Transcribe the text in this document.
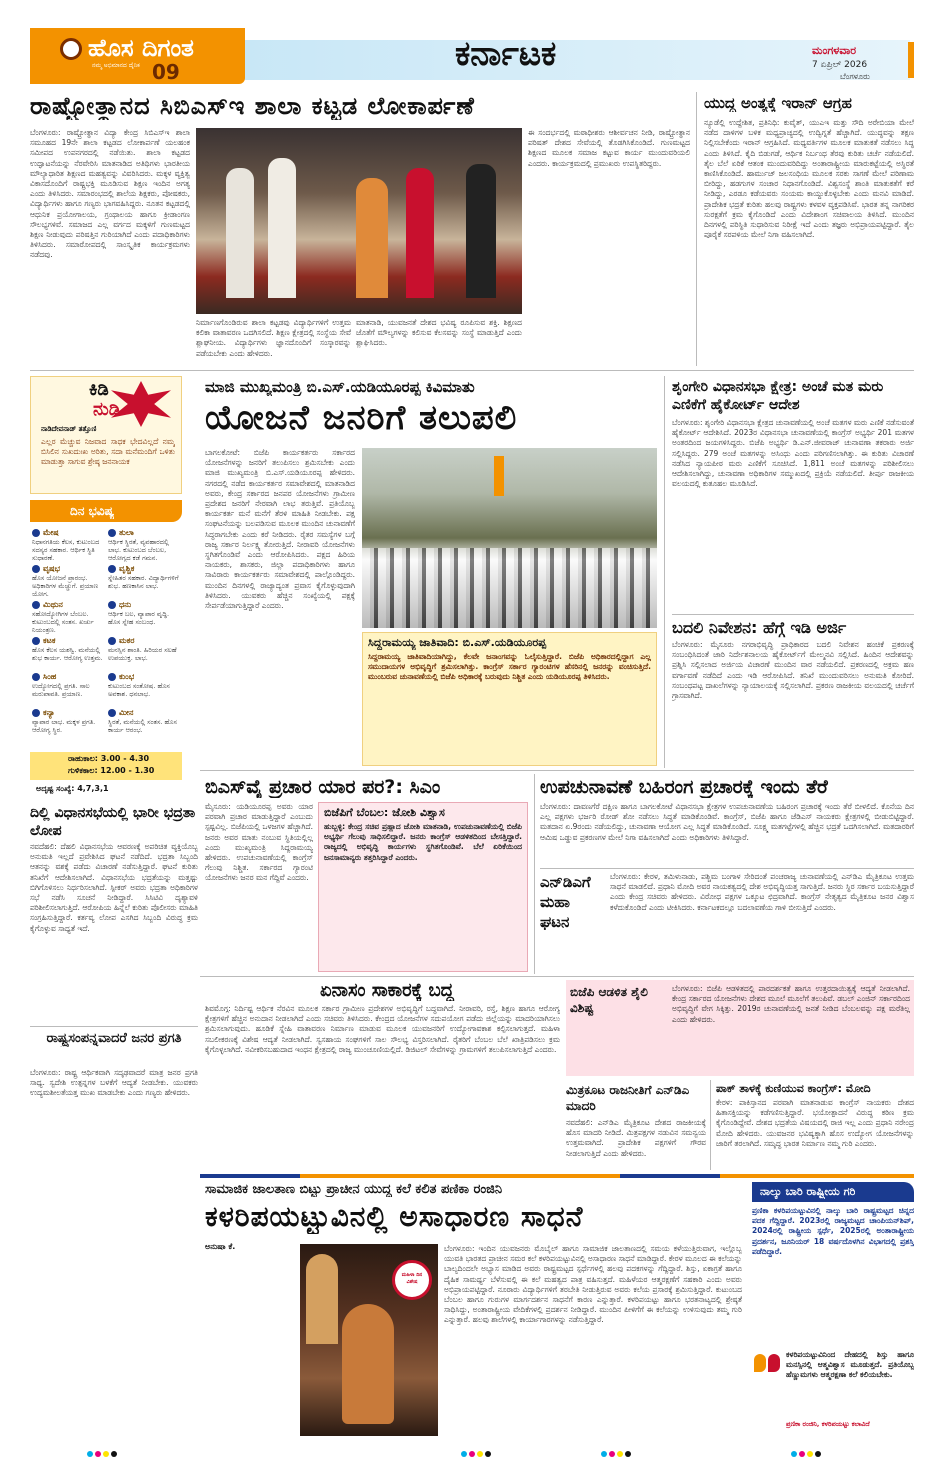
ಹೊಸ ದಿಗಂತ
ನಮ್ಮ ಅಭಿಮಾನದ ದೈನಿಕ 09	ಕರ್ನಾಟಕ	ಮಂಗಳವಾರ
7 ಏಪ್ರಿಲ್ 2026
ಬೆಂಗಳೂರು
ರಾಷ್ಟ್ರೋತ್ಥಾನದ ಸಿಬಿಎಸ್‌ಇ ಶಾಲಾ ಕಟ್ಟಡ ಲೋಕಾರ್ಪಣೆ
ಬೆಂಗಳೂರು: ರಾಷ್ಟ್ರೋತ್ಥಾನ ವಿದ್ಯಾ ಕೇಂದ್ರ ಸಿಬಿಎಸ್‌ಇ ಶಾಲಾ ಸಮೂಹದ 19ನೇ ಶಾಲಾ ಕಟ್ಟಡದ ಲೋಕಾರ್ಪಣೆ ಯಲಹಂಕ ಸಮೀಪದ ಉಪನಗರದಲ್ಲಿ ನಡೆಯಿತು. ಶಾಲಾ ಕಟ್ಟಡದ ಉದ್ಘಾಟನೆಯನ್ನು ನೆರವೇರಿಸಿ ಮಾತನಾಡಿದ ಅತಿಥಿಗಳು ಭಾರತೀಯ ಮೌಲ್ಯಾಧಾರಿತ ಶಿಕ್ಷಣದ ಮಹತ್ವವನ್ನು ವಿವರಿಸಿದರು. ಮಕ್ಕಳ ವ್ಯಕ್ತಿತ್ವ ವಿಕಾಸದೊಂದಿಗೆ ರಾಷ್ಟ್ರಭಕ್ತಿ ಮೂಡಿಸುವ ಶಿಕ್ಷಣ ಇಂದಿನ ಅಗತ್ಯ ಎಂದು ತಿಳಿಸಿದರು. ಸಮಾರಂಭದಲ್ಲಿ ಶಾಲೆಯ ಶಿಕ್ಷಕರು, ಪೋಷಕರು, ವಿದ್ಯಾರ್ಥಿಗಳು ಹಾಗೂ ಗಣ್ಯರು ಭಾಗವಹಿಸಿದ್ದರು. ನೂತನ ಕಟ್ಟಡದಲ್ಲಿ ಆಧುನಿಕ ಪ್ರಯೋಗಾಲಯ, ಗ್ರಂಥಾಲಯ ಹಾಗೂ ಕ್ರೀಡಾಂಗಣ ಸೌಲಭ್ಯಗಳಿವೆ. ಸಮಾಜದ ಎಲ್ಲ ವರ್ಗದ ಮಕ್ಕಳಿಗೆ ಗುಣಮಟ್ಟದ ಶಿಕ್ಷಣ ನೀಡುವುದು ಪರಿಷತ್ತಿನ ಗುರಿಯಾಗಿದೆ ಎಂದು ಪದಾಧಿಕಾರಿಗಳು ತಿಳಿಸಿದರು. ಸಮಾರೋಪದಲ್ಲಿ ಸಾಂಸ್ಕೃತಿಕ ಕಾರ್ಯಕ್ರಮಗಳು ನಡೆದವು.
ನಿರ್ಮಾಣಗೊಂಡಿರುವ ಶಾಲಾ ಕಟ್ಟಡವು ವಿದ್ಯಾರ್ಥಿಗಳಿಗೆ ಉತ್ತಮ ಕಲಿಕಾ ವಾತಾವರಣ ಒದಗಿಸಲಿದೆ. ಶಿಕ್ಷಣ ಕ್ಷೇತ್ರದಲ್ಲಿ ಸಂಸ್ಥೆಯ ಸೇವೆ ಶ್ಲಾಘನೀಯ. ವಿದ್ಯಾರ್ಥಿಗಳು ಜ್ಞಾನದೊಂದಿಗೆ ಸಂಸ್ಕಾರವನ್ನು ಪಡೆಯಬೇಕು ಎಂದು ಹೇಳಿದರು.
ಮಾತನಾಡಿ, ಯುವಜನತೆ ದೇಶದ ಭವಿಷ್ಯ ರೂಪಿಸುವ ಶಕ್ತಿ. ಶಿಕ್ಷಣದ ಜೊತೆಗೆ ಮೌಲ್ಯಗಳನ್ನು ಕಲಿಸುವ ಕೆಲಸವನ್ನು ಸಂಸ್ಥೆ ಮಾಡುತ್ತಿದೆ ಎಂದು ಶ್ಲಾಘಿಸಿದರು.
ಈ ಸಂದರ್ಭದಲ್ಲಿ ಮಠಾಧೀಶರು ಆಶೀರ್ವಚನ ನೀಡಿ, ರಾಷ್ಟ್ರೋತ್ಥಾನ ಪರಿಷತ್ ದೇಶದ ಸೇವೆಯಲ್ಲಿ ತೊಡಗಿಸಿಕೊಂಡಿದೆ. ಗುಣಮಟ್ಟದ ಶಿಕ್ಷಣದ ಮೂಲಕ ಸಮಾಜ ಕಟ್ಟುವ ಕಾರ್ಯ ಮುಂದುವರಿಯಲಿ ಎಂದರು. ಕಾರ್ಯಕ್ರಮದಲ್ಲಿ ಪ್ರಮುಖರು ಉಪಸ್ಥಿತರಿದ್ದರು.
ಯುದ್ಧ ಅಂತ್ಯಕ್ಕೆ ಇರಾನ್ ಆಗ್ರಹ
ನ್ಯೂಡೆಲ್ಲಿ ಉದ್ದೇಶಿತ, ಪ್ರತಿನಿಧಿ: ಕುವೈತ್, ಯುಎಇ ಮತ್ತು ಸೌದಿ ಅರೇಬಿಯಾ ಮೇಲೆ ನಡೆದ ದಾಳಿಗಳ ಬಳಿಕ ಮಧ್ಯಪ್ರಾಚ್ಯದಲ್ಲಿ ಉದ್ವಿಗ್ನತೆ ಹೆಚ್ಚಾಗಿದೆ. ಯುದ್ಧವನ್ನು ತಕ್ಷಣ ನಿಲ್ಲಿಸಬೇಕೆಂದು ಇರಾನ್ ಆಗ್ರಹಿಸಿದೆ. ಮಧ್ಯವರ್ತಿಗಳ ಮೂಲಕ ಮಾತುಕತೆ ನಡೆಸಲು ಸಿದ್ಧ ಎಂದು ತಿಳಿಸಿದೆ. ಕೈದಿ ಬಿಡುಗಡೆ, ಆರ್ಥಿಕ ನಿರ್ಬಂಧ ತೆರವು ಕುರಿತು ಚರ್ಚೆ ನಡೆಯಲಿದೆ. ತೈಲ ಬೆಲೆ ಏರಿಕೆ ಆತಂಕ ಮುಂದುವರಿದಿದ್ದು ಅಂತಾರಾಷ್ಟ್ರೀಯ ಮಾರುಕಟ್ಟೆಯಲ್ಲಿ ಅಸ್ಥಿರತೆ ಕಾಣಿಸಿಕೊಂಡಿದೆ. ಹಾರ್ಮುಜ್ ಜಲಸಂಧಿಯ ಮೂಲಕ ಸರಕು ಸಾಗಣೆ ಮೇಲೆ ಪರಿಣಾಮ ಬೀರಿದ್ದು, ಹಡಗುಗಳ ಸಂಚಾರ ನಿಧಾನಗೊಂಡಿದೆ. ವಿಶ್ವಸಂಸ್ಥೆ ಶಾಂತಿ ಮಾತುಕತೆಗೆ ಕರೆ ನೀಡಿದ್ದು, ಎರಡೂ ಕಡೆಯವರು ಸಂಯಮ ಕಾಯ್ದುಕೊಳ್ಳಬೇಕು ಎಂದು ಮನವಿ ಮಾಡಿದೆ. ಪ್ರಾದೇಶಿಕ ಭದ್ರತೆ ಕುರಿತು ಹಲವು ರಾಷ್ಟ್ರಗಳು ಕಳವಳ ವ್ಯಕ್ತಪಡಿಸಿವೆ. ಭಾರತ ತನ್ನ ನಾಗರಿಕರ ಸುರಕ್ಷತೆಗೆ ಕ್ರಮ ಕೈಗೊಂಡಿದೆ ಎಂದು ವಿದೇಶಾಂಗ ಸಚಿವಾಲಯ ತಿಳಿಸಿದೆ. ಮುಂದಿನ ದಿನಗಳಲ್ಲಿ ಪರಿಸ್ಥಿತಿ ಸುಧಾರಿಸುವ ನಿರೀಕ್ಷೆ ಇದೆ ಎಂದು ತಜ್ಞರು ಅಭಿಪ್ರಾಯಪಟ್ಟಿದ್ದಾರೆ. ತೈಲ ಪೂರೈಕೆ ಸರಪಳಿಯ ಮೇಲೆ ನಿಗಾ ವಹಿಸಲಾಗಿದೆ.
ಕಿಡಿ
ನುಡಿ
ನಾಡಿದೇವನಾಡ್ ತತ್ತೊಣಿ
ಎಲ್ಲರ ಮೆಚ್ಚುವ ನಿಜವಾದ ಸಾಧಕ ಭೇದವಿಲ್ಲದೆ ನಮ್ಮ ಬಿಸಿಲಿನ ಸುಖದುಃಖ ಅರಿತು, ಸದಾ ಮನೆಮಂದಿಗೆ ಒಳಿತು ಮಾಡುತ್ತಾ ಸಾಗುವ ಶ್ರೇಷ್ಠ ಜನನಾಯಕ
ದಿನ ಭವಿಷ್ಯ
ಮೇಷ
ನಿಧಾನಗತಿಯ ಕೆಲಸ, ಕುಟುಂಬದ ಸದಸ್ಯರ ಸಹಕಾರ. ಆರ್ಥಿಕ ಸ್ಥಿತಿ ಸುಧಾರಣೆ.
ತುಲಾ
ಆರ್ಥಿಕ ಸ್ಥಿರತೆ, ವ್ಯವಹಾರದಲ್ಲಿ ಲಾಭ. ಕುಟುಂಬದ ಬೆಂಬಲ, ಆರೋಗ್ಯದ ಕಡೆ ಗಮನ.
ವೃಷಭ
ಹೊಸ ಯೋಜನೆ ಪ್ರಾರಂಭ. ಅಧಿಕಾರಿಗಳ ಮೆಚ್ಚುಗೆ. ಪ್ರಯಾಣ ಯೋಗ.
ವೃಶ್ಚಿಕ
ಸ್ನೇಹಿತರ ಸಹಕಾರ. ವಿದ್ಯಾರ್ಥಿಗಳಿಗೆ ಶುಭ. ಹಣಕಾಸಿನ ಲಾಭ.
ಮಿಥುನ
ಸಹೋದ್ಯೋಗಿಗಳ ಬೆಂಬಲ. ಕುಟುಂಬದಲ್ಲಿ ಸಂತಸ. ಖರ್ಚು ನಿಯಂತ್ರಣ.
ಧನು
ಆರ್ಥಿಕ ಬಲ, ವ್ಯಾಪಾರ ವೃದ್ಧಿ. ಹೊಸ ಸ್ನೇಹ ಸಂಬಂಧ.
ಕಟಕ
ಹೊಸ ಕೆಲಸ ಯಶಸ್ವಿ. ಮನೆಯಲ್ಲಿ ಶುಭ ಕಾರ್ಯ. ಆರೋಗ್ಯ ಉತ್ತಮ.
ಮಕರ
ಮನಸ್ಸಿನ ಶಾಂತಿ. ಹಿರಿಯರ ಸಲಹೆ ಉಪಯುಕ್ತ. ಲಾಭ.
ಸಿಂಹ
ಉದ್ಯೋಗದಲ್ಲಿ ಪ್ರಗತಿ. ಸಾಲ ಮರುಪಾವತಿ. ಪ್ರಯಾಣ.
ಕುಂಭ
ಕುಟುಂಬದ ಸಂತೋಷ. ಹೊಸ ಅವಕಾಶ. ಧನಲಾಭ.
ಕನ್ಯಾ
ವ್ಯಾಪಾರ ಲಾಭ. ಮಕ್ಕಳ ಪ್ರಗತಿ. ಆರೋಗ್ಯ ಸ್ಥಿರ.
ಮೀನ
ಸ್ಥಿರತೆ, ಮನೆಯಲ್ಲಿ ಸಂತಸ. ಹೊಸ ಕಾರ್ಯ ಆರಂಭ.
ರಾಹುಕಾಲ: 3.00 - 4.30
ಗುಳಿಕಕಾಲ: 12.00 - 1.30
ಅದೃಷ್ಟ ಸಂಖ್ಯೆ: 4,7,3,1
ಮಾಜಿ ಮುಖ್ಯಮಂತ್ರಿ ಬಿ.ಎಸ್.ಯಡಿಯೂರಪ್ಪ ಕಿವಿಮಾತು
ಯೋಜನೆ ಜನರಿಗೆ ತಲುಪಲಿ
ಬಾಗಲಕೋಟೆ: ಬಿಜೆಪಿ ಕಾರ್ಯಕರ್ತರು ಸರ್ಕಾರದ ಯೋಜನೆಗಳನ್ನು ಜನರಿಗೆ ತಲುಪಿಸಲು ಶ್ರಮಿಸಬೇಕು ಎಂದು ಮಾಜಿ ಮುಖ್ಯಮಂತ್ರಿ ಬಿ.ಎಸ್.ಯಡಿಯೂರಪ್ಪ ಹೇಳಿದರು. ನಗರದಲ್ಲಿ ನಡೆದ ಕಾರ್ಯಕರ್ತರ ಸಮಾವೇಶದಲ್ಲಿ ಮಾತನಾಡಿದ ಅವರು, ಕೇಂದ್ರ ಸರ್ಕಾರದ ಜನಪರ ಯೋಜನೆಗಳು ಗ್ರಾಮೀಣ ಪ್ರದೇಶದ ಜನರಿಗೆ ನೇರವಾಗಿ ಲಾಭ ತರುತ್ತಿವೆ. ಪ್ರತಿಯೊಬ್ಬ ಕಾರ್ಯಕರ್ತ ಮನೆ ಮನೆಗೆ ತೆರಳಿ ಮಾಹಿತಿ ನೀಡಬೇಕು. ಪಕ್ಷ ಸಂಘಟನೆಯನ್ನು ಬಲಪಡಿಸುವ ಮೂಲಕ ಮುಂದಿನ ಚುನಾವಣೆಗೆ ಸಿದ್ಧರಾಗಬೇಕು ಎಂದು ಕರೆ ನೀಡಿದರು. ರೈತರ ಸಮಸ್ಯೆಗಳ ಬಗ್ಗೆ ರಾಜ್ಯ ಸರ್ಕಾರ ನಿರ್ಲಕ್ಷ್ಯ ತೋರುತ್ತಿದೆ. ನೀರಾವರಿ ಯೋಜನೆಗಳು ಸ್ಥಗಿತಗೊಂಡಿವೆ ಎಂದು ಆರೋಪಿಸಿದರು. ಪಕ್ಷದ ಹಿರಿಯ ನಾಯಕರು, ಶಾಸಕರು, ಜಿಲ್ಲಾ ಪದಾಧಿಕಾರಿಗಳು ಹಾಗೂ ಸಾವಿರಾರು ಕಾರ್ಯಕರ್ತರು ಸಮಾವೇಶದಲ್ಲಿ ಪಾಲ್ಗೊಂಡಿದ್ದರು. ಮುಂದಿನ ದಿನಗಳಲ್ಲಿ ರಾಜ್ಯಾದ್ಯಂತ ಪ್ರವಾಸ ಕೈಗೊಳ್ಳುವುದಾಗಿ ತಿಳಿಸಿದರು. ಯುವಕರು ಹೆಚ್ಚಿನ ಸಂಖ್ಯೆಯಲ್ಲಿ ಪಕ್ಷಕ್ಕೆ ಸೇರ್ಪಡೆಯಾಗುತ್ತಿದ್ದಾರೆ ಎಂದರು.
ಸಿದ್ದರಾಮಯ್ಯ ಜಾತಿವಾದಿ: ಬಿ.ಎಸ್.ಯಡಿಯೂರಪ್ಪ
ಸಿದ್ದರಾಮಯ್ಯ ಜಾತಿವಾದಿಯಾಗಿದ್ದು, ಕೆಲವೇ ಜನಾಂಗವನ್ನು ಓಲೈಸುತ್ತಿದ್ದಾರೆ. ಬಿಜೆಪಿ ಅಧಿಕಾರದಲ್ಲಿದ್ದಾಗ ಎಲ್ಲ ಸಮುದಾಯಗಳ ಅಭಿವೃದ್ಧಿಗೆ ಶ್ರಮಿಸಲಾಗಿತ್ತು. ಕಾಂಗ್ರೆಸ್ ಸರ್ಕಾರ ಗ್ಯಾರಂಟಿಗಳ ಹೆಸರಿನಲ್ಲಿ ಜನರನ್ನು ವಂಚಿಸುತ್ತಿದೆ. ಮುಂಬರುವ ಚುನಾವಣೆಯಲ್ಲಿ ಬಿಜೆಪಿ ಅಧಿಕಾರಕ್ಕೆ ಬರುವುದು ನಿಶ್ಚಿತ ಎಂದು ಯಡಿಯೂರಪ್ಪ ತಿಳಿಸಿದರು.
ಶೃಂಗೇರಿ ವಿಧಾನಸಭಾ ಕ್ಷೇತ್ರ: ಅಂಚೆ ಮತ ಮರು ಎಣಿಕೆಗೆ ಹೈಕೋರ್ಟ್ ಆದೇಶ
ಬೆಂಗಳೂರು: ಶೃಂಗೇರಿ ವಿಧಾನಸಭಾ ಕ್ಷೇತ್ರದ ಚುನಾವಣೆಯಲ್ಲಿ ಅಂಚೆ ಮತಗಳ ಮರು ಎಣಿಕೆ ನಡೆಸುವಂತೆ ಹೈಕೋರ್ಟ್ ಆದೇಶಿಸಿದೆ. 2023ರ ವಿಧಾನಸಭಾ ಚುನಾವಣೆಯಲ್ಲಿ ಕಾಂಗ್ರೆಸ್ ಅಭ್ಯರ್ಥಿ 201 ಮತಗಳ ಅಂತರದಿಂದ ಜಯಗಳಿಸಿದ್ದರು. ಬಿಜೆಪಿ ಅಭ್ಯರ್ಥಿ ಡಿ.ಎನ್.ಜೀವರಾಜ್ ಚುನಾವಣಾ ತಕರಾರು ಅರ್ಜಿ ಸಲ್ಲಿಸಿದ್ದರು. 279 ಅಂಚೆ ಮತಗಳನ್ನು ಅಸಿಂಧು ಎಂದು ಪರಿಗಣಿಸಲಾಗಿತ್ತು. ಈ ಕುರಿತು ವಿಚಾರಣೆ ನಡೆಸಿದ ನ್ಯಾಯಪೀಠ ಮರು ಎಣಿಕೆಗೆ ಸೂಚಿಸಿದೆ. 1,811 ಅಂಚೆ ಮತಗಳನ್ನು ಪರಿಶೀಲಿಸಲು ಆದೇಶಿಸಲಾಗಿದ್ದು, ಚುನಾವಣಾ ಅಧಿಕಾರಿಗಳ ಸಮ್ಮುಖದಲ್ಲಿ ಪ್ರಕ್ರಿಯೆ ನಡೆಯಲಿದೆ. ತೀರ್ಪು ರಾಜಕೀಯ ವಲಯದಲ್ಲಿ ಕುತೂಹಲ ಮೂಡಿಸಿದೆ.
ಬದಲಿ ನಿವೇಶನ: ಹೆಗ್ಗೆ ಇಡಿ ಅರ್ಜಿ
ಬೆಂಗಳೂರು: ಮೈಸೂರು ನಗರಾಭಿವೃದ್ಧಿ ಪ್ರಾಧಿಕಾರದ ಬದಲಿ ನಿವೇಶನ ಹಂಚಿಕೆ ಪ್ರಕರಣಕ್ಕೆ ಸಂಬಂಧಿಸಿದಂತೆ ಜಾರಿ ನಿರ್ದೇಶನಾಲಯ ಹೈಕೋರ್ಟ್‌ಗೆ ಮೇಲ್ಮನವಿ ಸಲ್ಲಿಸಿದೆ. ಹಿಂದಿನ ಆದೇಶವನ್ನು ಪ್ರಶ್ನಿಸಿ ಸಲ್ಲಿಸಲಾದ ಅರ್ಜಿಯ ವಿಚಾರಣೆ ಮುಂದಿನ ವಾರ ನಡೆಯಲಿದೆ. ಪ್ರಕರಣದಲ್ಲಿ ಅಕ್ರಮ ಹಣ ವರ್ಗಾವಣೆ ನಡೆದಿದೆ ಎಂದು ಇಡಿ ಆರೋಪಿಸಿದೆ. ತನಿಖೆ ಮುಂದುವರಿಸಲು ಅನುಮತಿ ಕೋರಿದೆ. ಸಂಬಂಧಪಟ್ಟ ದಾಖಲೆಗಳನ್ನು ನ್ಯಾಯಾಲಯಕ್ಕೆ ಸಲ್ಲಿಸಲಾಗಿದೆ. ಪ್ರಕರಣ ರಾಜಕೀಯ ವಲಯದಲ್ಲಿ ಚರ್ಚೆಗೆ ಗ್ರಾಸವಾಗಿದೆ.
ಬಿಎಸ್‌ವೈ ಪ್ರಚಾರ ಯಾರ ಪರ?: ಸಿಎಂ
ಮೈಸೂರು: ಯಡಿಯೂರಪ್ಪ ಅವರು ಯಾರ ಪರವಾಗಿ ಪ್ರಚಾರ ಮಾಡುತ್ತಿದ್ದಾರೆ ಎಂಬುದು ಸ್ಪಷ್ಟವಿಲ್ಲ. ಬಿಜೆಪಿಯಲ್ಲಿ ಒಳಜಗಳ ಹೆಚ್ಚಾಗಿದೆ. ಜನರು ಅವರ ಮಾತು ನಂಬುವ ಸ್ಥಿತಿಯಲ್ಲಿಲ್ಲ ಎಂದು ಮುಖ್ಯಮಂತ್ರಿ ಸಿದ್ದರಾಮಯ್ಯ ಹೇಳಿದರು. ಉಪಚುನಾವಣೆಯಲ್ಲಿ ಕಾಂಗ್ರೆಸ್ ಗೆಲುವು ನಿಶ್ಚಿತ. ಸರ್ಕಾರದ ಗ್ಯಾರಂಟಿ ಯೋಜನೆಗಳು ಜನರ ಮನ ಗೆದ್ದಿವೆ ಎಂದರು.
ಬಿಜೆಪಿಗೆ ಬೆಂಬಲ: ಜೋಶಿ ವಿಶ್ವಾಸ
ಹುಬ್ಬಳ್ಳಿ: ಕೇಂದ್ರ ಸಚಿವ ಪ್ರಹ್ಲಾದ ಜೋಶಿ ಮಾತನಾಡಿ, ಉಪಚುನಾವಣೆಯಲ್ಲಿ ಬಿಜೆಪಿ ಅಭ್ಯರ್ಥಿ ಗೆಲುವು ಸಾಧಿಸಲಿದ್ದಾರೆ. ಜನರು ಕಾಂಗ್ರೆಸ್ ಆಡಳಿತದಿಂದ ಬೇಸತ್ತಿದ್ದಾರೆ. ರಾಜ್ಯದಲ್ಲಿ ಅಭಿವೃದ್ಧಿ ಕಾರ್ಯಗಳು ಸ್ಥಗಿತಗೊಂಡಿವೆ. ಬೆಲೆ ಏರಿಕೆಯಿಂದ ಜನಸಾಮಾನ್ಯರು ತತ್ತರಿಸಿದ್ದಾರೆ ಎಂದರು.
ಉಪಚುನಾವಣೆ ಬಹಿರಂಗ ಪ್ರಚಾರಕ್ಕೆ ಇಂದು ತೆರೆ
ಬೆಂಗಳೂರು: ದಾವಣಗೆರೆ ದಕ್ಷಿಣ ಹಾಗೂ ಬಾಗಲಕೋಟೆ ವಿಧಾನಸಭಾ ಕ್ಷೇತ್ರಗಳ ಉಪಚುನಾವಣೆಯ ಬಹಿರಂಗ ಪ್ರಚಾರಕ್ಕೆ ಇಂದು ತೆರೆ ಬೀಳಲಿದೆ. ಕೊನೆಯ ದಿನ ಎಲ್ಲ ಪಕ್ಷಗಳು ಭರ್ಜರಿ ರೋಡ್ ಶೋ ನಡೆಸಲು ಸಿದ್ಧತೆ ಮಾಡಿಕೊಂಡಿವೆ. ಕಾಂಗ್ರೆಸ್, ಬಿಜೆಪಿ ಹಾಗೂ ಜೆಡಿಎಸ್ ನಾಯಕರು ಕ್ಷೇತ್ರಗಳಲ್ಲಿ ಬೀಡುಬಿಟ್ಟಿದ್ದಾರೆ. ಮತದಾನ ಏ.9ರಂದು ನಡೆಯಲಿದ್ದು, ಚುನಾವಣಾ ಆಯೋಗ ಎಲ್ಲ ಸಿದ್ಧತೆ ಮಾಡಿಕೊಂಡಿದೆ. ಸೂಕ್ಷ್ಮ ಮತಗಟ್ಟೆಗಳಲ್ಲಿ ಹೆಚ್ಚಿನ ಭದ್ರತೆ ಒದಗಿಸಲಾಗಿದೆ. ಮತದಾರರಿಗೆ ಆಮಿಷ ಒಡ್ಡುವ ಪ್ರಕರಣಗಳ ಮೇಲೆ ನಿಗಾ ವಹಿಸಲಾಗಿದೆ ಎಂದು ಅಧಿಕಾರಿಗಳು ತಿಳಿಸಿದ್ದಾರೆ.
ಎನ್‌ಡಿಎಗೆ ಮಹಾ ಘಟನ
ಬೆಂಗಳೂರು: ಕೇರಳ, ತಮಿಳುನಾಡು, ಪಶ್ಚಿಮ ಬಂಗಾಳ ಸೇರಿದಂತೆ ಪಂಚರಾಜ್ಯ ಚುನಾವಣೆಯಲ್ಲಿ ಎನ್‌ಡಿಎ ಮೈತ್ರಿಕೂಟ ಉತ್ತಮ ಸಾಧನೆ ಮಾಡಲಿದೆ. ಪ್ರಧಾನಿ ಮೋದಿ ಅವರ ನಾಯಕತ್ವದಲ್ಲಿ ದೇಶ ಅಭಿವೃದ್ಧಿಯತ್ತ ಸಾಗುತ್ತಿದೆ. ಜನರು ಸ್ಥಿರ ಸರ್ಕಾರ ಬಯಸುತ್ತಿದ್ದಾರೆ ಎಂದು ಕೇಂದ್ರ ಸಚಿವರು ಹೇಳಿದರು. ವಿರೋಧ ಪಕ್ಷಗಳ ಒಕ್ಕೂಟ ಛಿದ್ರವಾಗಿದೆ. ಕಾಂಗ್ರೆಸ್ ನೇತೃತ್ವದ ಮೈತ್ರಿಕೂಟ ಜನರ ವಿಶ್ವಾಸ ಕಳೆದುಕೊಂಡಿದೆ ಎಂದು ಟೀಕಿಸಿದರು. ಕರ್ನಾಟಕದಲ್ಲೂ ಬದಲಾವಣೆಯ ಗಾಳಿ ಬೀಸುತ್ತಿದೆ ಎಂದರು.
ಏನಾಸಂ ಸಾಕಾರಕ್ಕೆ ಬದ್ಧ
ಶಿವಮೊಗ್ಗ: ನಿರ್ದಿಷ್ಟ ಆರ್ಥಿಕ ನೆರವಿನ ಮೂಲಕ ಸರ್ಕಾರ ಗ್ರಾಮೀಣ ಪ್ರದೇಶಗಳ ಅಭಿವೃದ್ಧಿಗೆ ಬದ್ಧವಾಗಿದೆ. ನೀರಾವರಿ, ರಸ್ತೆ, ಶಿಕ್ಷಣ ಹಾಗೂ ಆರೋಗ್ಯ ಕ್ಷೇತ್ರಗಳಿಗೆ ಹೆಚ್ಚಿನ ಅನುದಾನ ನೀಡಲಾಗಿದೆ ಎಂದು ಸಚಿವರು ತಿಳಿಸಿದರು. ಕೇಂದ್ರದ ಯೋಜನೆಗಳ ಸದುಪಯೋಗ ಪಡೆದು ಜಿಲ್ಲೆಯನ್ನು ಮಾದರಿಯಾಗಿಸಲು ಶ್ರಮಿಸಲಾಗುವುದು. ಹೂಡಿಕೆ ಸ್ನೇಹಿ ವಾತಾವರಣ ನಿರ್ಮಾಣ ಮಾಡುವ ಮೂಲಕ ಯುವಜನರಿಗೆ ಉದ್ಯೋಗಾವಕಾಶ ಕಲ್ಪಿಸಲಾಗುತ್ತದೆ. ಮಹಿಳಾ ಸಬಲೀಕರಣಕ್ಕೆ ವಿಶೇಷ ಆದ್ಯತೆ ನೀಡಲಾಗಿದೆ. ಸ್ವಸಹಾಯ ಸಂಘಗಳಿಗೆ ಸಾಲ ಸೌಲಭ್ಯ ವಿಸ್ತರಿಸಲಾಗಿದೆ. ರೈತರಿಗೆ ಬೆಂಬಲ ಬೆಲೆ ಖಾತ್ರಿಪಡಿಸಲು ಕ್ರಮ ಕೈಗೊಳ್ಳಲಾಗಿದೆ. ನವೀಕರಿಸಬಹುದಾದ ಇಂಧನ ಕ್ಷೇತ್ರದಲ್ಲಿ ರಾಜ್ಯ ಮುಂಚೂಣಿಯಲ್ಲಿದೆ. ಡಿಜಿಟಲ್ ಸೇವೆಗಳನ್ನು ಗ್ರಾಮಗಳಿಗೆ ತಲುಪಿಸಲಾಗುತ್ತಿದೆ ಎಂದರು.
ಬಿಜೆಪಿ ಆಡಳಿತ ಶೈಲಿ ವಿಶಿಷ್ಟ
ಬೆಂಗಳೂರು: ಬಿಜೆಪಿ ಆಡಳಿತದಲ್ಲಿ ಪಾರದರ್ಶಕತೆ ಹಾಗೂ ಉತ್ತರದಾಯಿತ್ವಕ್ಕೆ ಆದ್ಯತೆ ನೀಡಲಾಗಿದೆ. ಕೇಂದ್ರ ಸರ್ಕಾರದ ಯೋಜನೆಗಳು ದೇಶದ ಮೂಲೆ ಮೂಲೆಗೆ ತಲುಪಿವೆ. ಡಬಲ್ ಎಂಜಿನ್ ಸರ್ಕಾರದಿಂದ ಅಭಿವೃದ್ಧಿಗೆ ವೇಗ ಸಿಕ್ಕಿತ್ತು. 2019ರ ಚುನಾವಣೆಯಲ್ಲಿ ಜನತೆ ನೀಡಿದ ಬೆಂಬಲವನ್ನು ಪಕ್ಷ ಮರೆತಿಲ್ಲ ಎಂದು ಹೇಳಿದರು.
ಮಿತ್ರಕೂಟ ರಾಜನೀತಿಗೆ ಎನ್‌ಡಿಎ ಮಾದರಿ
ನವದೆಹಲಿ: ಎನ್‌ಡಿಎ ಮೈತ್ರಿಕೂಟ ದೇಶದ ರಾಜಕೀಯಕ್ಕೆ ಹೊಸ ಮಾದರಿ ನೀಡಿದೆ. ಮಿತ್ರಪಕ್ಷಗಳ ನಡುವಿನ ಸಮನ್ವಯ ಉತ್ತಮವಾಗಿದೆ. ಪ್ರಾದೇಶಿಕ ಪಕ್ಷಗಳಿಗೆ ಗೌರವ ನೀಡಲಾಗುತ್ತಿದೆ ಎಂದು ಹೇಳಿದರು.
ಪಾಕ್ ತಾಳಕ್ಕೆ ಕುಣಿಯುವ ಕಾಂಗ್ರೆಸ್: ಮೋದಿ
ಕೇರಳ: ಪಾಕಿಸ್ತಾನದ ಪರವಾಗಿ ಮಾತನಾಡುವ ಕಾಂಗ್ರೆಸ್ ನಾಯಕರು ದೇಶದ ಹಿತಾಸಕ್ತಿಯನ್ನು ಕಡೆಗಣಿಸುತ್ತಿದ್ದಾರೆ. ಭಯೋತ್ಪಾದನೆ ವಿರುದ್ಧ ಕಠಿಣ ಕ್ರಮ ಕೈಗೊಂಡಿದ್ದೇವೆ. ದೇಶದ ಭದ್ರತೆಯ ವಿಷಯದಲ್ಲಿ ರಾಜಿ ಇಲ್ಲ ಎಂದು ಪ್ರಧಾನಿ ನರೇಂದ್ರ ಮೋದಿ ಹೇಳಿದರು. ಯುವಜನರ ಭವಿಷ್ಯಕ್ಕಾಗಿ ಹೊಸ ಉದ್ಯೋಗ ಯೋಜನೆಗಳನ್ನು ಜಾರಿಗೆ ತರಲಾಗಿದೆ. ಸಮೃದ್ಧ ಭಾರತ ನಿರ್ಮಾಣ ನಮ್ಮ ಗುರಿ ಎಂದರು.
ದಿಲ್ಲಿ ವಿಧಾನಸಭೆಯಲ್ಲಿ ಭಾರೀ ಭದ್ರತಾ ಲೋಪ
ನವದೆಹಲಿ: ದೆಹಲಿ ವಿಧಾನಸಭೆಯ ಆವರಣಕ್ಕೆ ಅಪರಿಚಿತ ವ್ಯಕ್ತಿಯೊಬ್ಬ ಅನುಮತಿ ಇಲ್ಲದೆ ಪ್ರವೇಶಿಸಿದ ಘಟನೆ ನಡೆದಿದೆ. ಭದ್ರತಾ ಸಿಬ್ಬಂದಿ ಆತನನ್ನು ವಶಕ್ಕೆ ಪಡೆದು ವಿಚಾರಣೆ ನಡೆಸುತ್ತಿದ್ದಾರೆ. ಘಟನೆ ಕುರಿತು ತನಿಖೆಗೆ ಆದೇಶಿಸಲಾಗಿದೆ. ವಿಧಾನಸಭೆಯ ಭದ್ರತೆಯನ್ನು ಮತ್ತಷ್ಟು ಬಿಗಿಗೊಳಿಸಲು ನಿರ್ಧರಿಸಲಾಗಿದೆ. ಸ್ಪೀಕರ್ ಅವರು ಭದ್ರತಾ ಅಧಿಕಾರಿಗಳ ಸಭೆ ನಡೆಸಿ ಸೂಚನೆ ನೀಡಿದ್ದಾರೆ. ಸಿಸಿಟಿವಿ ದೃಶ್ಯಾವಳಿ ಪರಿಶೀಲಿಸಲಾಗುತ್ತಿದೆ. ಆರೋಪಿಯ ಹಿನ್ನೆಲೆ ಕುರಿತು ಪೊಲೀಸರು ಮಾಹಿತಿ ಸಂಗ್ರಹಿಸುತ್ತಿದ್ದಾರೆ. ಕರ್ತವ್ಯ ಲೋಪ ಎಸಗಿದ ಸಿಬ್ಬಂದಿ ವಿರುದ್ಧ ಕ್ರಮ ಕೈಗೊಳ್ಳುವ ಸಾಧ್ಯತೆ ಇದೆ.
ರಾಷ್ಟ್ರಸಂಪನ್ನವಾದರೆ ಜನರ ಪ್ರಗತಿ
ಬೆಂಗಳೂರು: ರಾಷ್ಟ್ರ ಆರ್ಥಿಕವಾಗಿ ಸದೃಢವಾದರೆ ಮಾತ್ರ ಜನರ ಪ್ರಗತಿ ಸಾಧ್ಯ. ಸ್ವದೇಶಿ ಉತ್ಪನ್ನಗಳ ಬಳಕೆಗೆ ಆದ್ಯತೆ ನೀಡಬೇಕು. ಯುವಕರು ಉದ್ಯಮಶೀಲತೆಯತ್ತ ಮುಖ ಮಾಡಬೇಕು ಎಂದು ಗಣ್ಯರು ಹೇಳಿದರು.
ಸಾಮಾಜಿಕ ಜಾಲತಾಣ ಬಿಟ್ಟು ಪ್ರಾಚೀನ ಯುದ್ಧ ಕಲೆ ಕಲಿತ ಪಣಿಕಾ ರಂಜಿನಿ
ಕಳರಿಪಯಟ್ಟುವಿನಲ್ಲಿ ಅಸಾಧಾರಣ ಸಾಧನೆ
ಅನುಷಾ ಕೆ.
ಮಹಿಳಾ ದಿನ ವಿಶೇಷ
ಬೆಂಗಳೂರು: ಇಂದಿನ ಯುವಜನರು ಮೊಬೈಲ್ ಹಾಗೂ ಸಾಮಾಜಿಕ ಜಾಲತಾಣದಲ್ಲಿ ಸಮಯ ಕಳೆಯುತ್ತಿರುವಾಗ, ಇಲ್ಲೊಬ್ಬ ಯುವತಿ ಭಾರತದ ಪ್ರಾಚೀನ ಸಮರ ಕಲೆ ಕಳರಿಪಯಟ್ಟುವಿನಲ್ಲಿ ಅಸಾಧಾರಣ ಸಾಧನೆ ಮಾಡಿದ್ದಾರೆ. ಕೇರಳ ಮೂಲದ ಈ ಕಲೆಯನ್ನು ಬಾಲ್ಯದಿಂದಲೇ ಅಭ್ಯಾಸ ಮಾಡಿದ ಅವರು ರಾಷ್ಟ್ರಮಟ್ಟದ ಸ್ಪರ್ಧೆಗಳಲ್ಲಿ ಹಲವು ಪದಕಗಳನ್ನು ಗೆದ್ದಿದ್ದಾರೆ. ಶಿಸ್ತು, ಏಕಾಗ್ರತೆ ಹಾಗೂ ದೈಹಿಕ ಸಾಮರ್ಥ್ಯ ಬೆಳೆಸುವಲ್ಲಿ ಈ ಕಲೆ ಮಹತ್ವದ ಪಾತ್ರ ವಹಿಸುತ್ತದೆ. ಮಹಿಳೆಯರ ಆತ್ಮರಕ್ಷಣೆಗೆ ಸಹಕಾರಿ ಎಂದು ಅವರು ಅಭಿಪ್ರಾಯಪಟ್ಟಿದ್ದಾರೆ. ನೂರಾರು ವಿದ್ಯಾರ್ಥಿಗಳಿಗೆ ತರಬೇತಿ ನೀಡುತ್ತಿರುವ ಅವರು ಕಲೆಯ ಪ್ರಸಾರಕ್ಕೆ ಶ್ರಮಿಸುತ್ತಿದ್ದಾರೆ. ಕುಟುಂಬದ ಬೆಂಬಲ ಹಾಗೂ ಗುರುಗಳ ಮಾರ್ಗದರ್ಶನ ಸಾಧನೆಗೆ ಕಾರಣ ಎನ್ನುತ್ತಾರೆ. ಕಳರಿಪಯಟ್ಟು ಹಾಗೂ ಭರತನಾಟ್ಯದಲ್ಲಿ ಶ್ರೇಷ್ಠತೆ ಸಾಧಿಸಿದ್ದು, ಅಂತಾರಾಷ್ಟ್ರೀಯ ವೇದಿಕೆಗಳಲ್ಲಿ ಪ್ರದರ್ಶನ ನೀಡಿದ್ದಾರೆ. ಮುಂದಿನ ಪೀಳಿಗೆಗೆ ಈ ಕಲೆಯನ್ನು ಉಳಿಸುವುದು ತಮ್ಮ ಗುರಿ ಎನ್ನುತ್ತಾರೆ. ಹಲವು ಶಾಲೆಗಳಲ್ಲಿ ಕಾರ್ಯಾಗಾರಗಳನ್ನು ನಡೆಸುತ್ತಿದ್ದಾರೆ.
ನಾಲ್ಕು ಬಾರಿ ರಾಷ್ಟ್ರೀಯ ಗರಿ
ಪ್ರಣಿಕಾ ಕಳರಿಪಯಟ್ಟುವಿನಲ್ಲಿ ನಾಲ್ಕು ಬಾರಿ ರಾಷ್ಟ್ರಮಟ್ಟದ ಚಿನ್ನದ ಪದಕ ಗೆದ್ದಿದ್ದಾರೆ. 2023ರಲ್ಲಿ ರಾಜ್ಯಮಟ್ಟದ ಚಾಂಪಿಯನ್‌ಶಿಪ್, 2024ರಲ್ಲಿ ರಾಷ್ಟ್ರೀಯ ಸ್ಪರ್ಧೆ, 2025ರಲ್ಲಿ ಅಂತಾರಾಷ್ಟ್ರೀಯ ಪ್ರದರ್ಶನ, ಜೂನಿಯರ್ 18 ವರ್ಷದೊಳಗಿನ ವಿಭಾಗದಲ್ಲಿ ಪ್ರಶಸ್ತಿ ಪಡೆದಿದ್ದಾರೆ.
ಕಳರಿಪಯಟ್ಟುವಿನಿಂದ ದೇಹದಲ್ಲಿ ಶಿಸ್ತು ಹಾಗೂ ಮನಸ್ಸಿನಲ್ಲಿ ಆತ್ಮವಿಶ್ವಾಸ ಮೂಡುತ್ತದೆ. ಪ್ರತಿಯೊಬ್ಬ ಹೆಣ್ಣುಮಗಳು ಆತ್ಮರಕ್ಷಣಾ ಕಲೆ ಕಲಿಯಬೇಕು.
ಪ್ರಣಿಕಾ ರಂಜಿನಿ, ಕಳರಿಪಯಟ್ಟು ಕಲಾವಿದೆ
